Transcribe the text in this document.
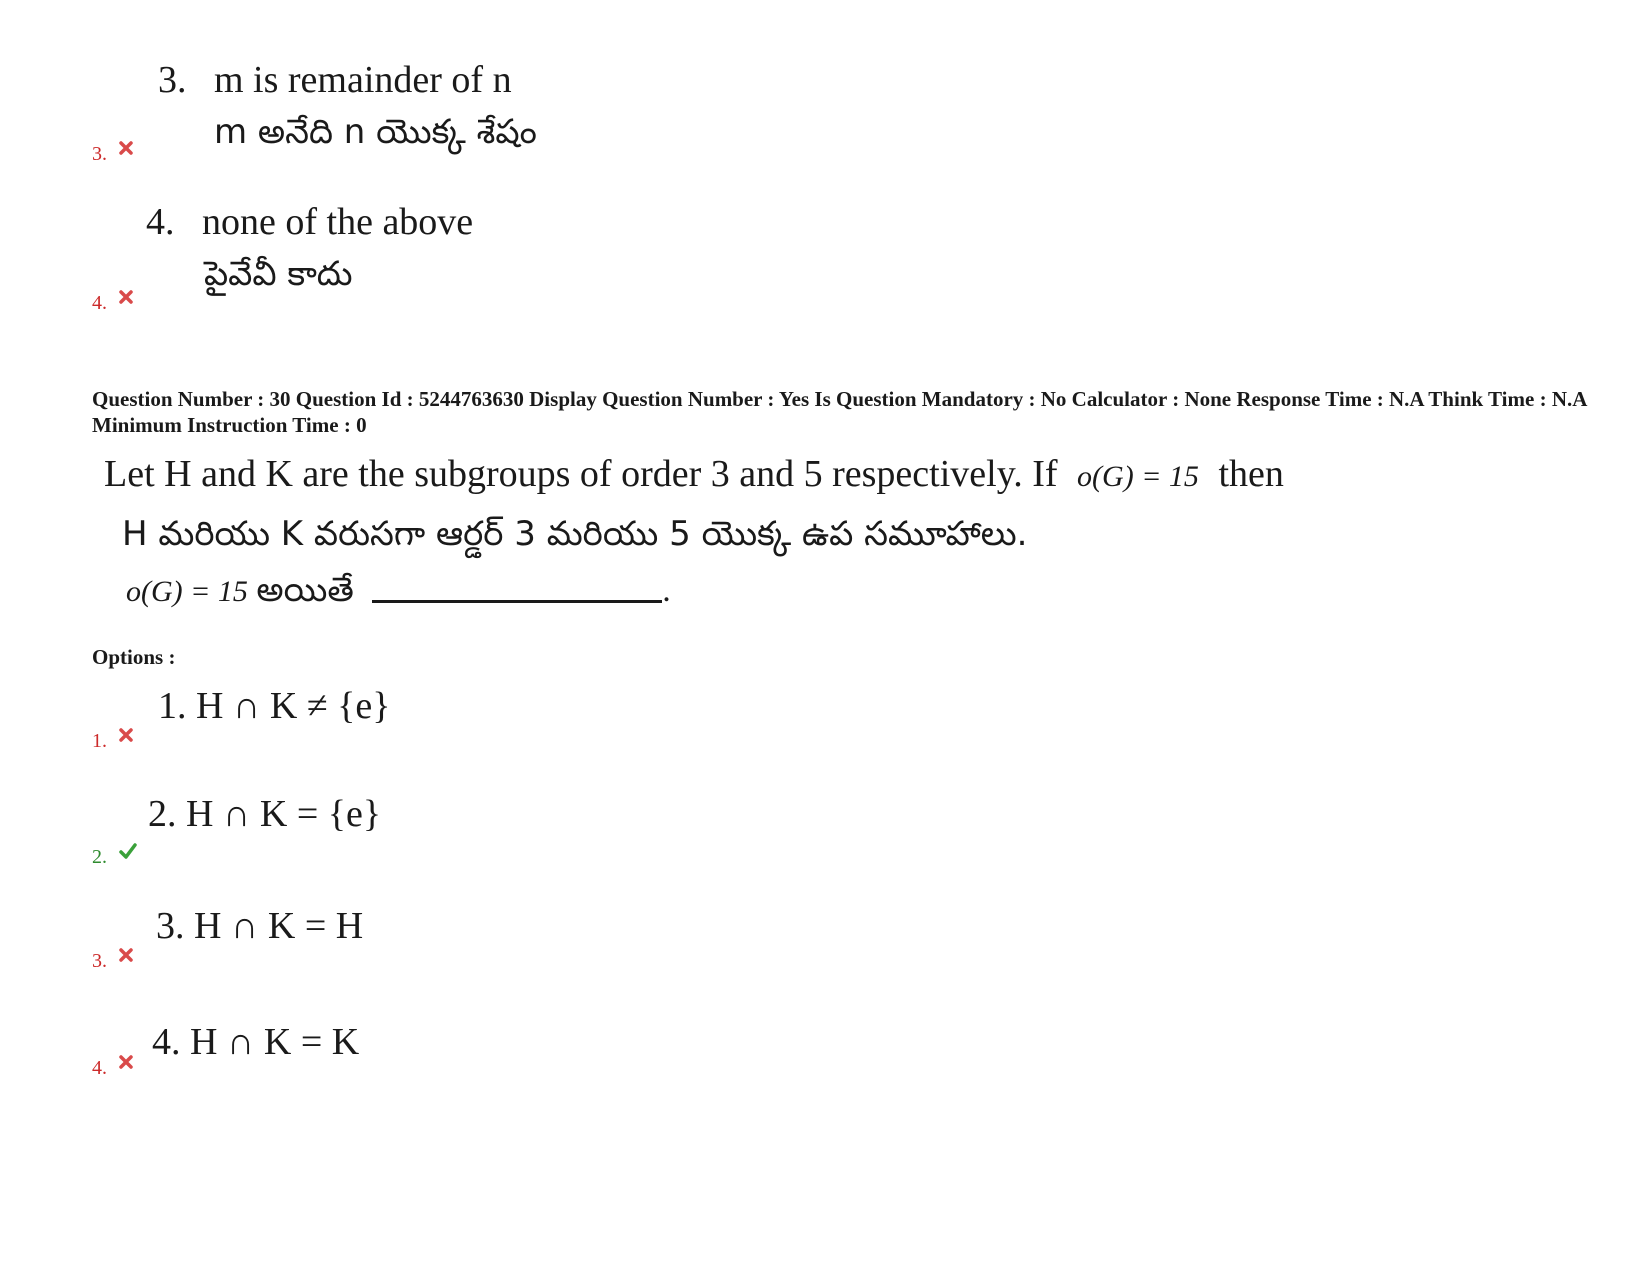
3. m is remainder of n
m అనేది n యొక్క శేషం
3.
4. none of the above
పైవేవీ కాదు
4.
Question Number : 30 Question Id : 5244763630 Display Question Number : Yes Is Question Mandatory : No Calculator : None Response Time : N.A Think Time : N.A Minimum Instruction Time : 0
Let H and K are the subgroups of order 3 and 5 respectively. If o(G) = 15 then
H మరియు K వరుసగా ఆర్డర్ 3 మరియు 5 యొక్క ఉప సమూహాలు.
o(G) = 15 అయితే	.
Options :
1. H ∩ K ≠ {e}
1.
2. H ∩ K = {e}
2.
3. H ∩ K = H
3.
4. H ∩ K = K
4.
